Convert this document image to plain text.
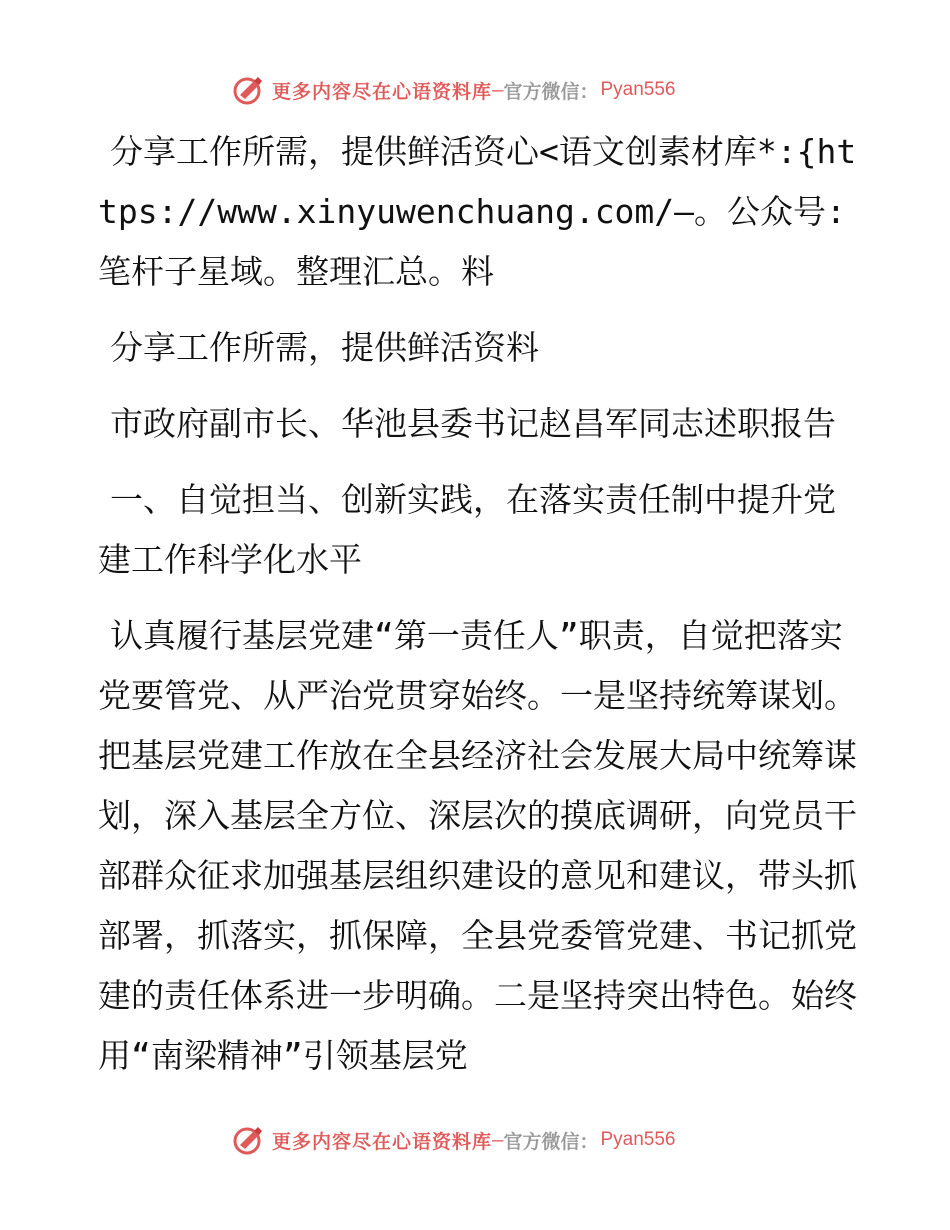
更多内容尽在心语资料库 — 官方微信： Pyan556

分享工作所需，提供鲜活资心<语文创素材库*:{https://www.xinyuwenchuang.com/—。公众号:笔杆子星域。整理汇总。料

分享工作所需，提供鲜活资料

市政府副市长、华池县委书记赵昌军同志述职报告

一、自觉担当、创新实践，在落实责任制中提升党建工作科学化水平

认真履行基层党建“第一责任人”职责，自觉把落实党要管党、从严治党贯穿始终。一是坚持统筹谋划。把基层党建工作放在全县经济社会发展大局中统筹谋划，深入基层全方位、深层次的摸底调研，向党员干部群众征求加强基层组织建设的意见和建议，带头抓部署，抓落实，抓保障，全县党委管党建、书记抓党建的责任体系进一步明确。二是坚持突出特色。始终用“南梁精神”引领基层党

更多内容尽在心语资料库 — 官方微信： Pyan556
